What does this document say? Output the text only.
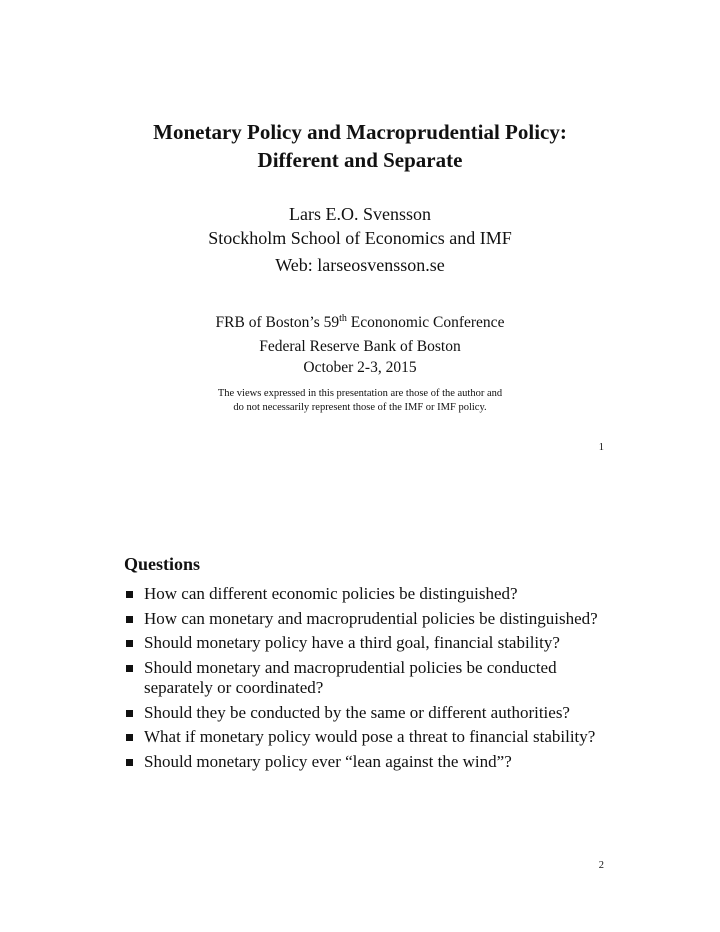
Monetary Policy and Macroprudential Policy:
Different and Separate
Lars E.O. Svensson
Stockholm School of Economics and IMF
Web: larseosvensson.se
FRB of Boston’s 59th Econonomic Conference
Federal Reserve Bank of Boston
October 2-3, 2015
The views expressed in this presentation are those of the author and
do not necessarily represent those of the IMF or IMF policy.
1
Questions
How can different economic policies be distinguished?
How can monetary and macroprudential policies be distinguished?
Should monetary policy have a third goal, financial stability?
Should monetary and macroprudential policies be conducted separately or coordinated?
Should they be conducted by the same or different authorities?
What if monetary policy would pose a threat to financial stability?
Should monetary policy ever “lean against the wind”?
2
